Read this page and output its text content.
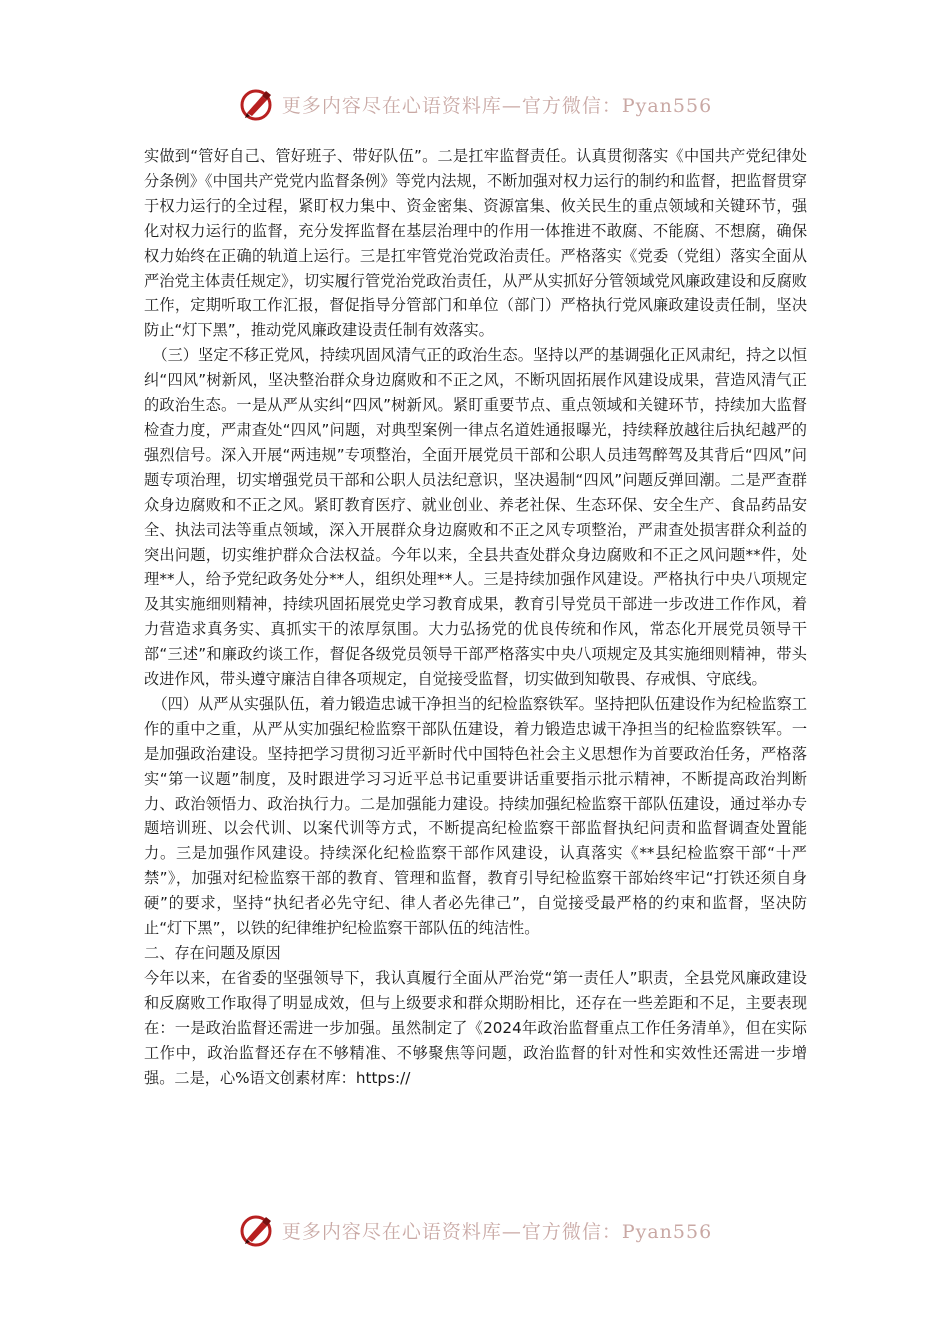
更多内容尽在心语资料库—官方微信：Pyan556

实做到“管好自己、管好班子、带好队伍”。二是扛牢监督责任。认真贯彻落实《中国共产党纪律处分条例》《中国共产党党内监督条例》等党内法规，不断加强对权力运行的制约和监督，把监督贯穿于权力运行的全过程，紧盯权力集中、资金密集、资源富集、攸关民生的重点领域和关键环节，强化对权力运行的监督，充分发挥监督在基层治理中的作用一体推进不敢腐、不能腐、不想腐，确保权力始终在正确的轨道上运行。三是扛牢管党治党政治责任。严格落实《党委（党组）落实全面从严治党主体责任规定》，切实履行管党治党政治责任，从严从实抓好分管领域党风廉政建设和反腐败工作，定期听取工作汇报，督促指导分管部门和单位（部门）严格执行党风廉政建设责任制，坚决防止“灯下黑”，推动党风廉政建设责任制有效落实。

（三）坚定不移正党风，持续巩固风清气正的政治生态。坚持以严的基调强化正风肃纪，持之以恒纠“四风”树新风，坚决整治群众身边腐败和不正之风，不断巩固拓展作风建设成果，营造风清气正的政治生态。一是从严从实纠“四风”树新风。紧盯重要节点、重点领域和关键环节，持续加大监督检查力度，严肃查处“四风”问题，对典型案例一律点名道姓通报曝光，持续释放越往后执纪越严的强烈信号。深入开展“两违规”专项整治，全面开展党员干部和公职人员违驾醉驾及其背后“四风”问题专项治理，切实增强党员干部和公职人员法纪意识，坚决遏制“四风”问题反弹回潮。二是严查群众身边腐败和不正之风。紧盯教育医疗、就业创业、养老社保、生态环保、安全生产、食品药品安全、执法司法等重点领域，深入开展群众身边腐败和不正之风专项整治，严肃查处损害群众利益的突出问题，切实维护群众合法权益。今年以来，全县共查处群众身边腐败和不正之风问题**件，处理**人，给予党纪政务处分**人，组织处理**人。三是持续加强作风建设。严格执行中央八项规定及其实施细则精神，持续巩固拓展党史学习教育成果，教育引导党员干部进一步改进工作作风，着力营造求真务实、真抓实干的浓厚氛围。大力弘扬党的优良传统和作风，常态化开展党员领导干部“三述”和廉政约谈工作，督促各级党员领导干部严格落实中央八项规定及其实施细则精神，带头改进作风，带头遵守廉洁自律各项规定，自觉接受监督，切实做到知敬畏、存戒惧、守底线。

（四）从严从实强队伍，着力锻造忠诚干净担当的纪检监察铁军。坚持把队伍建设作为纪检监察工作的重中之重，从严从实加强纪检监察干部队伍建设，着力锻造忠诚干净担当的纪检监察铁军。一是加强政治建设。坚持把学习贯彻习近平新时代中国特色社会主义思想作为首要政治任务，严格落实“第一议题”制度，及时跟进学习习近平总书记重要讲话重要指示批示精神，不断提高政治判断力、政治领悟力、政治执行力。二是加强能力建设。持续加强纪检监察干部队伍建设，通过举办专题培训班、以会代训、以案代训等方式，不断提高纪检监察干部监督执纪问责和监督调查处置能力。三是加强作风建设。持续深化纪检监察干部作风建设，认真落实《**县纪检监察干部“十严禁”》，加强对纪检监察干部的教育、管理和监督，教育引导纪检监察干部始终牢记“打铁还须自身硬”的要求，坚持“执纪者必先守纪、律人者必先律己”，自觉接受最严格的约束和监督，坚决防止“灯下黑”，以铁的纪律维护纪检监察干部队伍的纯洁性。

二、存在问题及原因

今年以来，在省委的坚强领导下，我认真履行全面从严治党“第一责任人”职责，全县党风廉政建设和反腐败工作取得了明显成效，但与上级要求和群众期盼相比，还存在一些差距和不足，主要表现在：一是政治监督还需进一步加强。虽然制定了《2024年政治监督重点工作任务清单》，但在实际工作中，政治监督还存在不够精准、不够聚焦等问题，政治监督的针对性和实效性还需进一步增强。二是，心%语文创素材库：https://

更多内容尽在心语资料库—官方微信：Pyan556
